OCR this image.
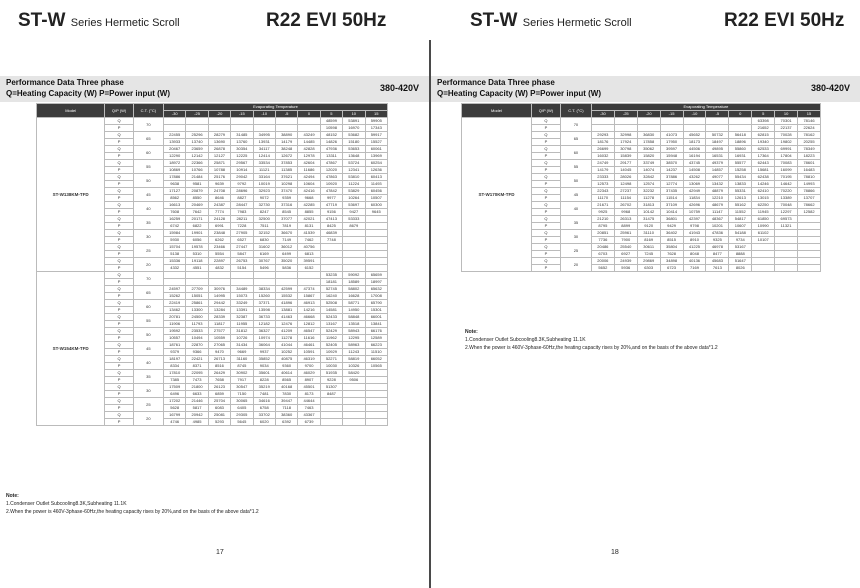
ST-W Series Hermetic Scroll	R22 EVI 50Hz	ST-W Series Hermetic Scroll	R22 EVI 50Hz
Performance Data Three phase
Q=Heating Capacity (W) P=Power input (W)
380-420V
Model	Q/P (W)	C.T. (°C)	Evaporating Temperature									
			-30	-25	-20	-15	-10	-5	0	5	10	15
ST-W138KM-TFD	Q	70								48599	53891	59905
	P									10598	16970	17343
	Q	65	22455	25296	28279	31485	34995	38890	43249	48152	53682	59917
	P		13933	13740	13690	13760	13931	14179	14485	14826	15180	15527
	Q	60	20467	23659	26878	30354	34117	38248	42828	47936	53653	60061
	P		12290	12142	12127	12225	12414	12672	12978	13311	13648	13969
	Q	55	18972	22366	25871	29567	33534	37853	42604	47867	53724	60254
	P		10869	10766	10788	10914	11121	11385	11686	12020	12341	12636
	Q	50	17886	21484	25176	29042	33164	37621	42494	47863	53810	60413
	P		9638	9581	9639	9792	10019	10298	10604	10920	11224	11493
	Q	45	17127	20879	24708	28696	32923	37470	42416	47842	53829	60456
	P		8562	8550	8646	8827	9072	9359	9668	9977	10264	10507
	Q	40	16613	20469	24387	28447	32730	37316	42285	47719	53697	60300
	P		7608	7642	7774	7983	8247	8545	8855	9156	9427	9645
	Q	35	16259	20171	24128	28211	32500	37077	42021	47413	53333	
	P		6742	6822	6991	7228	7511	7819	8131	8425	8679	
	Q	30	15984	19901	23848	27905	32152	36670	41539	46839		
	P		5930	6056	6262	6527	6830	7149	7462	7748		
	Q	25	15704	19578	23466	27447	31602	36012	40756			
	P		5138	5310	5554	5847	6169	6499	6813			
	Q	20	15336	19118	22897	26753	30767	35020	39591			
	P		4332	4551	4832	5154	5496	5836	6152			
ST-W154KM-TFD	Q	70								53235	59092	65659
	P									18181	18589	18997
	Q	65	24597	27709	30976	34489	38334	42599	47374	52745	58802	65632
	P		15262	15051	14995	15073	15260	15532	15867	16240	16628	17008
	Q	60	22419	25861	29442	33249	37371	41896	46913	52508	58771	65790
	P		13462	13300	13284	13391	13598	13881	14216	14581	14950	15301
	Q	55	20781	24500	28339	32387	36733	41463	46668	52433	58848	66001
	P		11906	11793	11817	11955	12182	12476	12812	13167	13518	13841
	Q	50	19592	23533	27577	31812	36327	41209	46547	52429	58943	66176
	P		10557	10494	10559	10726	10974	11278	11616	11962	12295	12589
	Q	45	18761	22870	27065	31434	36064	41044	46461	52405	58963	66223
	P		9379	9366	9470	9669	9937	10252	10591	10929	11243	11510
	Q	40	18197	22421	26713	31160	35852	40875	46319	52271	58819	66052
	P		8334	8371	8516	8745	9034	9360	9700	10030	10326	10565
	Q	35	17810	22095	26429	30902	35601	40614	46029	51935	58420	
	P		7385	7473	7658	7917	8228	8565	8907	9228	9506	
	Q	30	17509	21800	26123	30547	35219	40168	45501	51307		
	P		6496	6633	6859	7150	7481	7830	8173	8487		
	Q	25	17202	21446	25704	30065	34616	39447	44644			
	P		5628	5817	6083	6405	6758	7118	7463			
	Q	20	16799	20942	25081	29305	33702	38360	43367			
	P		4746	4985	5293	5645	6020	6392	6739			
Note:
1.Condenser Outlet Subcooling8.3K,Subheating 11.1K
2.When the power is 460V-3phase-60Hz,the heating capacity rises by 20%,and on the basis of the above data*1.2
17
Performance Data Three phase
Q=Heating Capacity (W) P=Power input (W)
380-420V
Model	Q/P (W)	C.T. (°C)	Evaporating Temperature									
			-30	-25	-20	-15	-10	-5	0	5	10	15
ST-W170KM-TFD	Q	70								63398	70301	78146
	P									21652	22137	22624
	Q	65	29293	32998	36830	41073	45652	50732	56418	62815	70028	78162
	P		18176	17924	17858	17950	18173	18497	18896	19340	19802	20255
	Q	60	26699	30798	35062	39597	44506	49895	55860	62533	69991	78349
	P		16032	15839	15820	15948	16194	16531	16931	17364	17804	18223
	Q	55	24749	29177	33749	38570	43745	49379	55577	62443	70083	78601
	P		14179	14045	14074	14237	14508	14857	15258	15681	16099	16483
	Q	50	23333	28026	32842	37886	43262	49077	55434	62438	70195	78810
	P		12573	12498	12574	12774	13069	13432	13833	14246	14642	14993
	Q	45	22343	27237	32232	37435	42949	48879	55331	62410	70220	78866
	P		11170	11154	11278	11514	11834	12210	12613	13015	13389	13707
	Q	40	21671	26702	31813	37109	42696	48679	55162	62250	70048	78662
	P		9925	9968	10142	10414	10759	11147	11552	11945	12297	12582
	Q	35	21210	26313	31475	36801	42397	48367	54817	61850	69573	
	P		8795	8899	9120	9429	9798	10201	10607	10990	11321	
	Q	30	20851	25961	31110	36402	41943	47836	54188	61102		
	P		7736	7900	8169	8515	8910	9325	9734	10107		
	Q	25	20486	25540	30611	35804	41225	46978	53167			
	P		6703	6927	7245	7628	8048	8477	8888			
	Q	20	20006	24939	29869	34898	40136	45683	51647			
	P		5652	5936	6303	6723	7169	7613	8026			
Note:
1.Condenser Outlet Subcooling8.3K,Subheating 11.1K
2.When the power is 460V-3phase-60Hz,the heating capacity rises by 20%,and on the basis of the above data*1.2
18
